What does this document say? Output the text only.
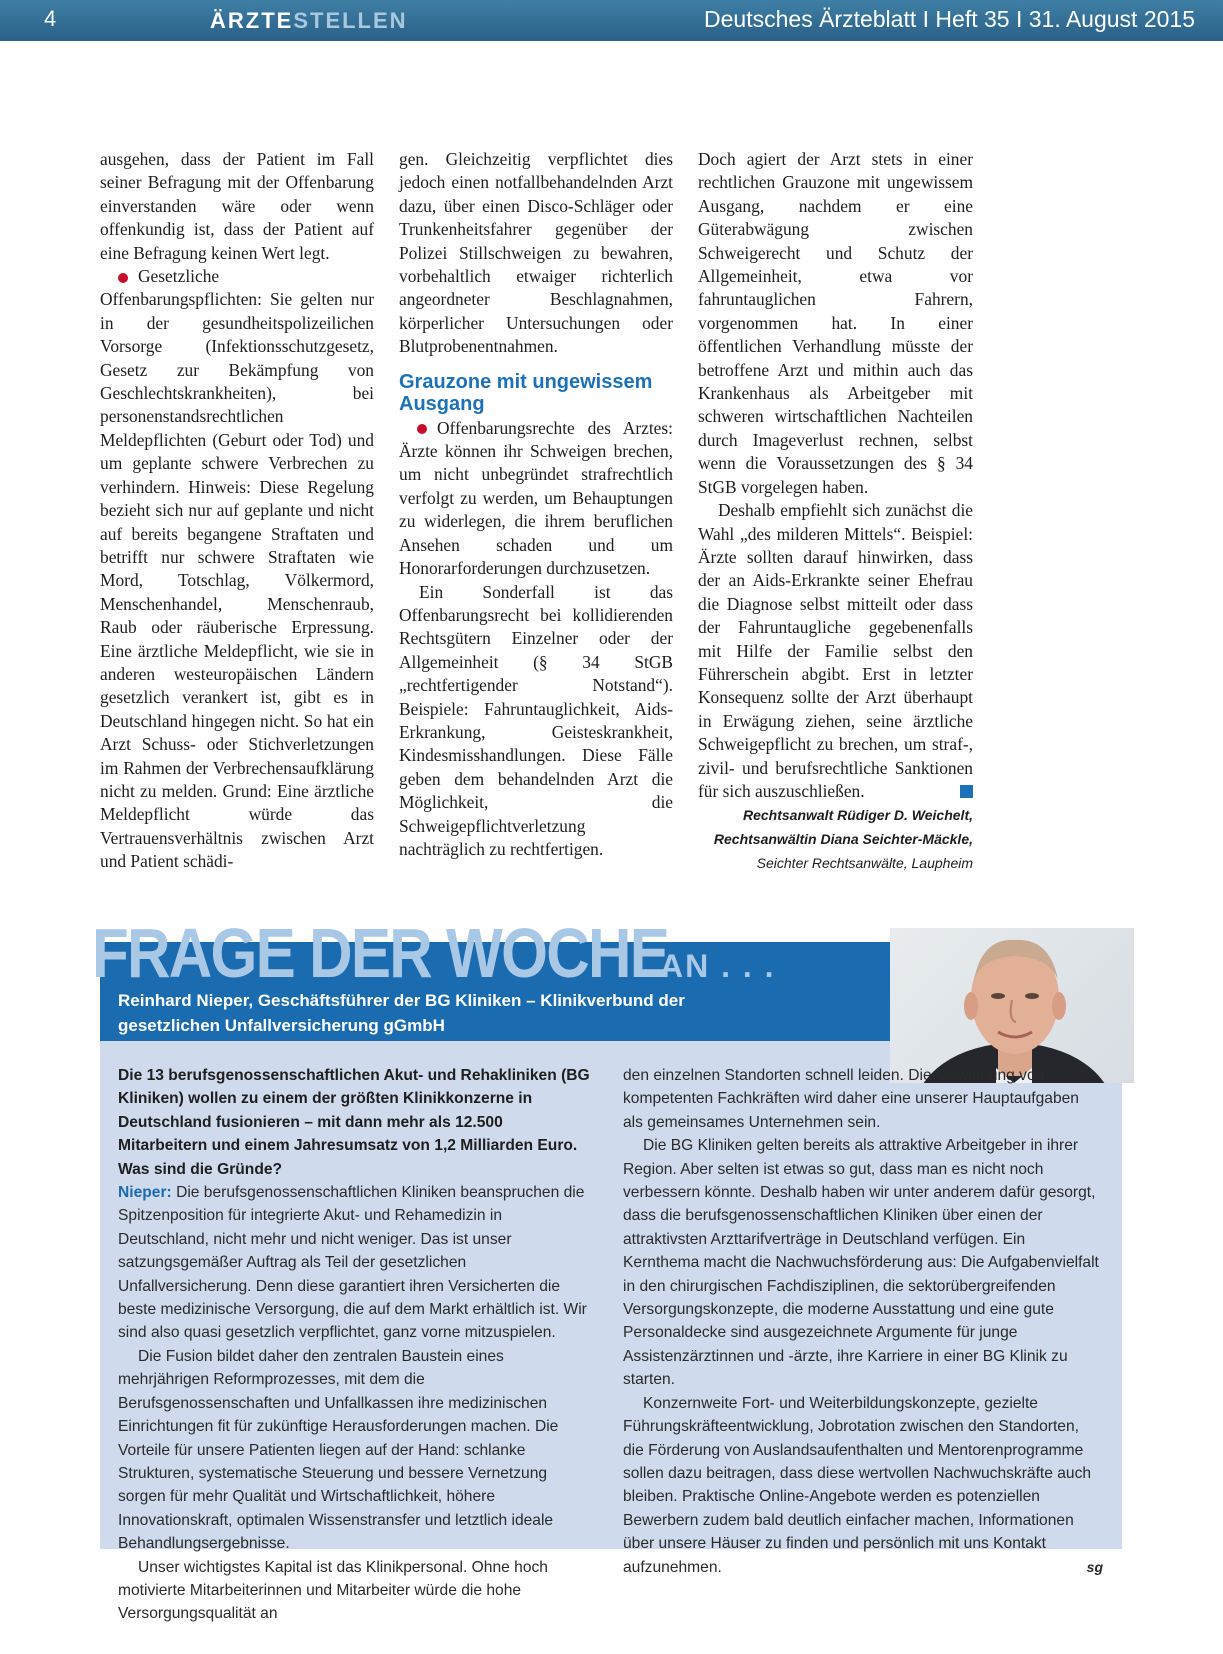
4	ÄRZTESTELLEN	Deutsches Ärzteblatt I Heft 35 I 31. August 2015

ausgehen, dass der Patient im Fall seiner Befragung mit der Offenbarung einverstanden wäre oder wenn offenkundig ist, dass der Patient auf eine Befragung keinen Wert legt.

Gesetzliche Offenbarungspflichten: Sie gelten nur in der gesundheitspolizeilichen Vorsorge (Infektionsschutzgesetz, Gesetz zur Bekämpfung von Geschlechtskrankheiten), bei personenstandsrechtlichen Meldepflichten (Geburt oder Tod) und um geplante schwere Verbrechen zu verhindern. Hinweis: Diese Regelung bezieht sich nur auf geplante und nicht auf bereits begangene Straftaten und betrifft nur schwere Straftaten wie Mord, Totschlag, Völkermord, Menschenhandel, Menschenraub, Raub oder räuberische Erpressung. Eine ärztliche Meldepflicht, wie sie in anderen westeuropäischen Ländern gesetzlich verankert ist, gibt es in Deutschland hingegen nicht. So hat ein Arzt Schuss- oder Stichverletzungen im Rahmen der Verbrechensaufklärung nicht zu melden. Grund: Eine ärztliche Meldepflicht würde das Vertrauensverhältnis zwischen Arzt und Patient schädi-

gen. Gleichzeitig verpflichtet dies jedoch einen notfallbehandelnden Arzt dazu, über einen Disco-Schläger oder Trunkenheitsfahrer gegenüber der Polizei Stillschweigen zu bewahren, vorbehaltlich etwaiger richterlich angeordneter Beschlagnahmen, körperlicher Untersuchungen oder Blutprobenentnahmen.

Grauzone mit ungewissem Ausgang

Offenbarungsrechte des Arztes: Ärzte können ihr Schweigen brechen, um nicht unbegründet strafrechtlich verfolgt zu werden, um Behauptungen zu widerlegen, die ihrem beruflichen Ansehen schaden und um Honorarforderungen durchzusetzen.

Ein Sonderfall ist das Offenbarungsrecht bei kollidierenden Rechtsgütern Einzelner oder der Allgemeinheit (§ 34 StGB „rechtfertigender Notstand“). Beispiele: Fahruntauglichkeit, Aids-Erkrankung, Geisteskrankheit, Kindesmisshandlungen. Diese Fälle geben dem behandelnden Arzt die Möglichkeit, die Schweigepflichtverletzung nachträglich zu rechtfertigen.

Doch agiert der Arzt stets in einer rechtlichen Grauzone mit ungewissem Ausgang, nachdem er eine Güterabwägung zwischen Schweigerecht und Schutz der Allgemeinheit, etwa vor fahruntauglichen Fahrern, vorgenommen hat. In einer öffentlichen Verhandlung müsste der betroffene Arzt und mithin auch das Krankenhaus als Arbeitgeber mit schweren wirtschaftlichen Nachteilen durch Imageverlust rechnen, selbst wenn die Voraussetzungen des § 34 StGB vorgelegen haben.

Deshalb empfiehlt sich zunächst die Wahl „des milderen Mittels“. Beispiel: Ärzte sollten darauf hinwirken, dass der an Aids-Erkrankte seiner Ehefrau die Diagnose selbst mitteilt oder dass der Fahruntaugliche gegebenenfalls mit Hilfe der Familie selbst den Führerschein abgibt. Erst in letzter Konsequenz sollte der Arzt überhaupt in Erwägung ziehen, seine ärztliche Schweigepflicht zu brechen, um straf-, zivil- und berufsrechtliche Sanktionen für sich auszuschließen.

Rechtsanwalt Rüdiger D. Weichelt,
Rechtsanwältin Diana Seichter-Mäckle,
Seichter Rechtsanwälte, Laupheim
FRAGE DER WOCHE
AN . . .
Reinhard Nieper, Geschäftsführer der BG Kliniken – Klinikverbund der gesetzlichen Unfallversicherung gGmbH

Die 13 berufsgenossenschaftlichen Akut- und Rehakliniken (BG Kliniken) wollen zu einem der größten Klinikkonzerne in Deutschland fusionieren – mit dann mehr als 12.500 Mitarbeitern und einem Jahresumsatz von 1,2 Milliarden Euro. Was sind die Gründe?

Nieper: Die berufsgenossenschaftlichen Kliniken beanspruchen die Spitzenposition für integrierte Akut- und Rehamedizin in Deutschland, nicht mehr und nicht weniger. Das ist unser satzungsgemäßer Auftrag als Teil der gesetzlichen Unfallversicherung. Denn diese garantiert ihren Versicherten die beste medizinische Versorgung, die auf dem Markt erhältlich ist. Wir sind also quasi gesetzlich verpflichtet, ganz vorne mitzuspielen.

Die Fusion bildet daher den zentralen Baustein eines mehrjährigen Reformprozesses, mit dem die Berufsgenossenschaften und Unfallkassen ihre medizinischen Einrichtungen fit für zukünftige Herausforderungen machen. Die Vorteile für unsere Patienten liegen auf der Hand: schlanke Strukturen, systematische Steuerung und bessere Vernetzung sorgen für mehr Qualität und Wirtschaftlichkeit, höhere Innovationskraft, optimalen Wissenstransfer und letztlich ideale Behandlungsergebnisse.

Unser wichtigstes Kapital ist das Klinikpersonal. Ohne hoch motivierte Mitarbeiterinnen und Mitarbeiter würde die hohe Versorgungsqualität an

den einzelnen Standorten schnell leiden. Die Gewinnung von kompetenten Fachkräften wird daher eine unserer Hauptaufgaben als gemeinsames Unternehmen sein.

Die BG Kliniken gelten bereits als attraktive Arbeitgeber in ihrer Region. Aber selten ist etwas so gut, dass man es nicht noch verbessern könnte. Deshalb haben wir unter anderem dafür gesorgt, dass die berufsgenossenschaftlichen Kliniken über einen der attraktivsten Arzttarifverträge in Deutschland verfügen. Ein Kernthema macht die Nachwuchsförderung aus: Die Aufgabenvielfalt in den chirurgischen Fachdisziplinen, die sektorübergreifenden Versorgungskonzepte, die moderne Ausstattung und eine gute Personaldecke sind ausgezeichnete Argumente für junge Assistenzärztinnen und -ärzte, ihre Karriere in einer BG Klinik zu starten.

Konzernweite Fort- und Weiterbildungskonzepte, gezielte Führungskräfteentwicklung, Jobrotation zwischen den Standorten, die Förderung von Auslandsaufenthalten und Mentorenprogramme sollen dazu beitragen, dass diese wertvollen Nachwuchskräfte auch bleiben. Praktische Online-Angebote werden es potenziellen Bewerbern zudem bald deutlich einfacher machen, Informationen über unsere Häuser zu finden und persönlich mit uns Kontakt aufzunehmen.	sg
